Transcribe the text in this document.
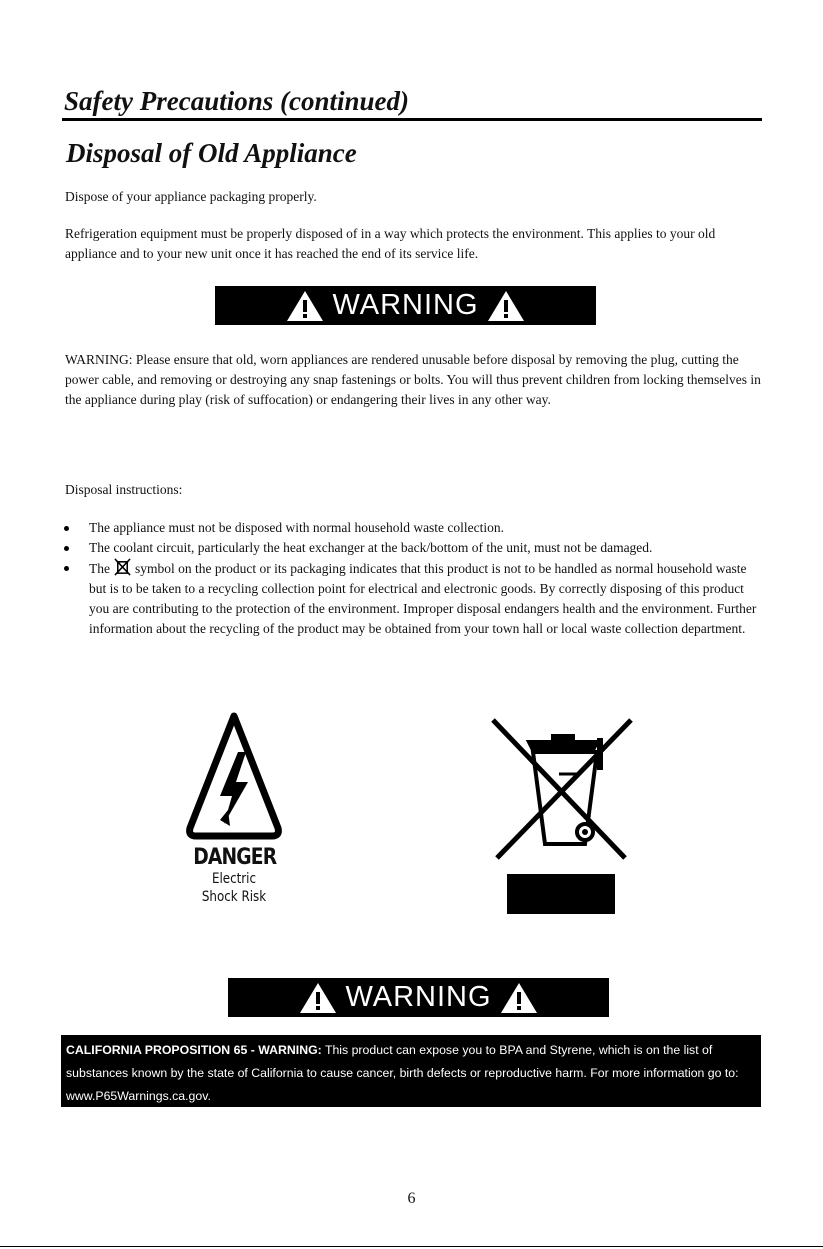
Safety Precautions (continued)
Disposal of Old Appliance

Dispose of your appliance packaging properly.

Refrigeration equipment must be properly disposed of in a way which protects the environment. This applies to your old appliance and to your new unit once it has reached the end of its service life.

WARNING

WARNING: Please ensure that old, worn appliances are rendered unusable before disposal by removing the plug, cutting the power cable, and removing or destroying any snap fastenings or bolts. You will thus prevent children from locking themselves in the appliance during play (risk of suffocation) or endangering their lives in any other way.

Disposal instructions:

The appliance must not be disposed with normal household waste collection.
The coolant circuit, particularly the heat exchanger at the back/bottom of the unit, must not be damaged.
The symbol on the product or its packaging indicates that this product is not to be handled as normal household waste but is to be taken to a recycling collection point for electrical and electronic goods. By correctly disposing of this product you are contributing to the protection of the environment. Improper disposal endangers health and the environment. Further information about the recycling of the product may be obtained from your town hall or local waste collection department.
DANGER
Electric
Shock Risk
WARNING
CALIFORNIA PROPOSITION 65 - WARNING: This product can expose you to BPA and Styrene, which is on the list of substances known by the state of California to cause cancer, birth defects or reproductive harm. For more information go to: www.P65Warnings.ca.gov.
6
